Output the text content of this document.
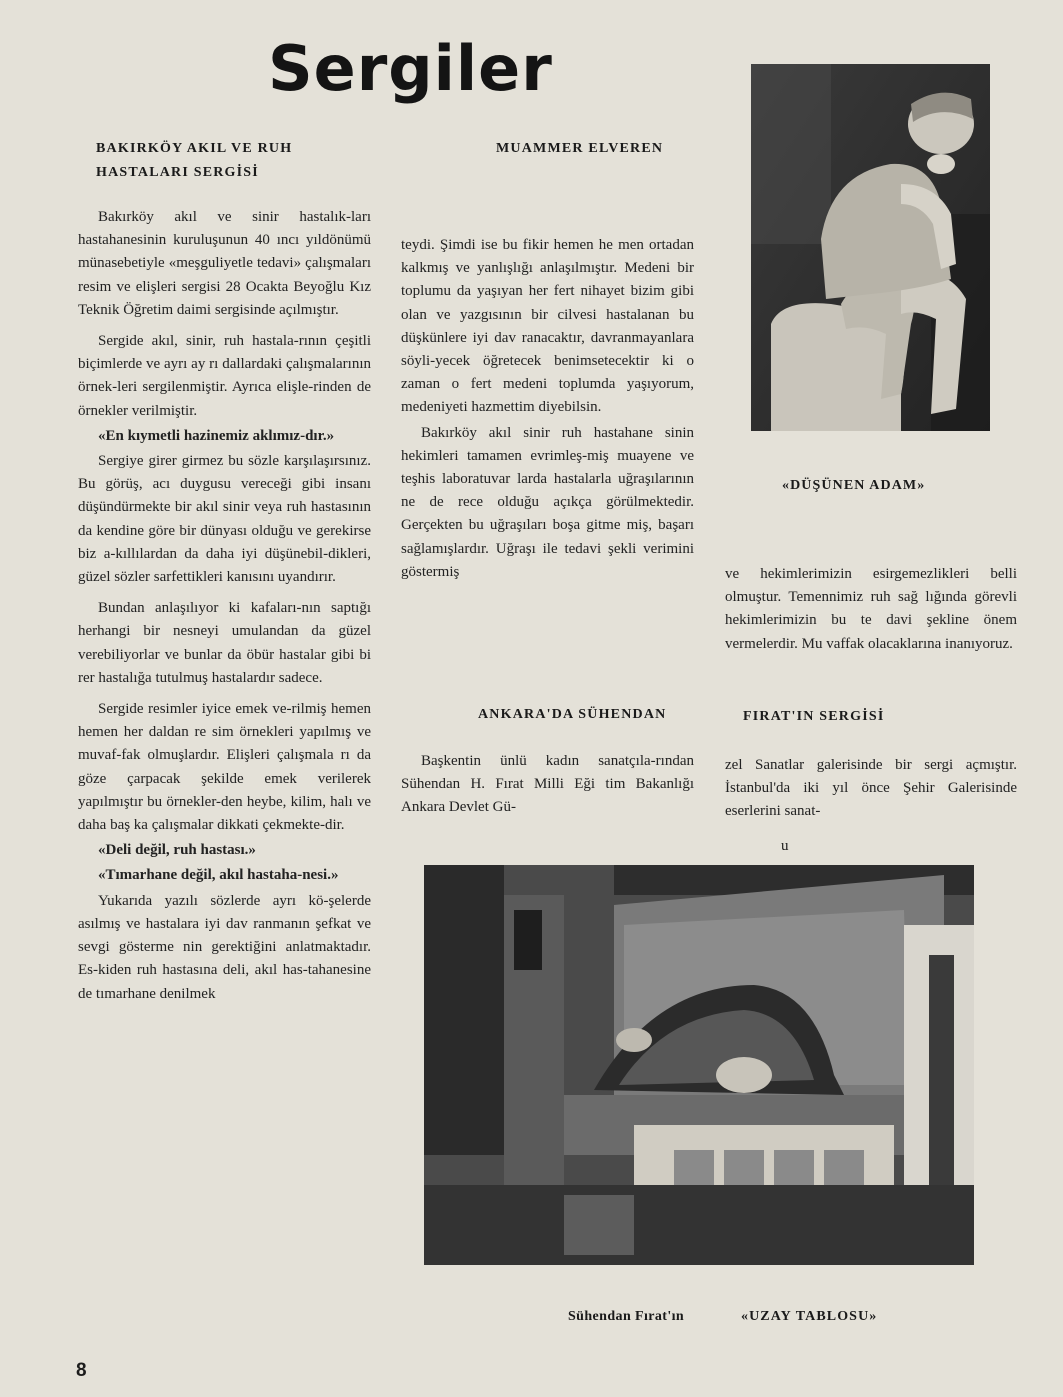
Sergiler
BAKIRKÖY AKIL VE RUH
HASTALARI SERGİSİ
MUAMMER ELVEREN

Bakırköy akıl ve sinir hastalık-ları hastahanesinin kuruluşunun 40 ıncı yıldönümü münasebetiyle «meşguliyetle tedavi» çalışmaları resim ve elişleri sergisi 28 Ocakta Beyoğlu Kız Teknik Öğretim daimi sergisinde açılmıştır.

Sergide akıl, sinir, ruh hastala-rının çeşitli biçimlerde ve ayrı ay rı dallardaki çalışmalarının örnek-leri sergilenmiştir. Ayrıca elişle-rinden de örnekler verilmiştir.

«En kıymetli hazinemiz aklımız-dır.»

Sergiye girer girmez bu sözle karşılaşırsınız. Bu görüş, acı duygusu vereceği gibi insanı düşündürmekte bir akıl sinir veya ruh hastasının da kendine göre bir dünyası olduğu ve gerekirse biz a-kıllılardan da daha iyi düşünebil-dikleri, güzel sözler sarfettikleri kanısını uyandırır.

Bundan anlaşılıyor ki kafaları-nın saptığı herhangi bir nesneyi umulandan da güzel verebiliyorlar ve bunlar da öbür hastalar gibi bi rer hastalığa tutulmuş hastalardır sadece.

Sergide resimler iyice emek ve-rilmiş hemen hemen her daldan re sim örnekleri yapılmış ve muvaf-fak olmuşlardır. Elişleri çalışmala rı da göze çarpacak şekilde emek verilerek yapılmıştır bu örnekler-den heybe, kilim, halı ve daha baş ka çalışmalar dikkati çekmekte-dir.

«Deli değil, ruh hastası.»

«Tımarhane değil, akıl hastaha-nesi.»

Yukarıda yazılı sözlerde ayrı kö-şelerde asılmış ve hastalara iyi dav ranmanın şefkat ve sevgi gösterme nin gerektiğini anlatmaktadır. Es-kiden ruh hastasına deli, akıl has-tahanesine de tımarhane denilmek

teydi. Şimdi ise bu fikir hemen he men ortadan kalkmış ve yanlışlığı anlaşılmıştır. Medeni bir toplumu da yaşıyan her fert nihayet bizim gibi olan ve yazgısının bir cilvesi hastalanan bu düşkünlere iyi dav ranacaktır, davranmayanlara söyli-yecek öğretecek benimsetecektir ki o zaman o fert medeni toplumda yaşıyorum, medeniyeti hazmettim diyebilsin.

Bakırköy akıl sinir ruh hastahane sinin hekimleri tamamen evrimleş-miş muayene ve teşhis laboratuvar larda hastalarla uğraşılarının ne de rece olduğu açıkça görülmektedir. Gerçekten bu uğraşıları boşa gitme miş, başarı sağlamışlardır. Uğraşı ile tedavi şekli verimini göstermiş	ve hekimlerimizin esirgemezlikleri belli olmuştur. Temennimiz ruh sağ lığında görevli hekimlerimizin bu te davi şekline önem vermelerdir. Mu vaffak olacaklarına inanıyoruz.

«DÜŞÜNEN ADAM»
ANKARA'DA SÜHENDAN	FIRAT'IN SERGİSİ

Başkentin ünlü kadın sanatçıla-rından Sühendan H. Fırat Milli Eği tim Bakanlığı Ankara Devlet Gü-

zel Sanatlar galerisinde bir sergi açmıştır. İstanbul'da iki yıl önce Şehir Galerisinde eserlerini sanat-

u
Sühendan Fırat'ın	«UZAY TABLOSU»
8
